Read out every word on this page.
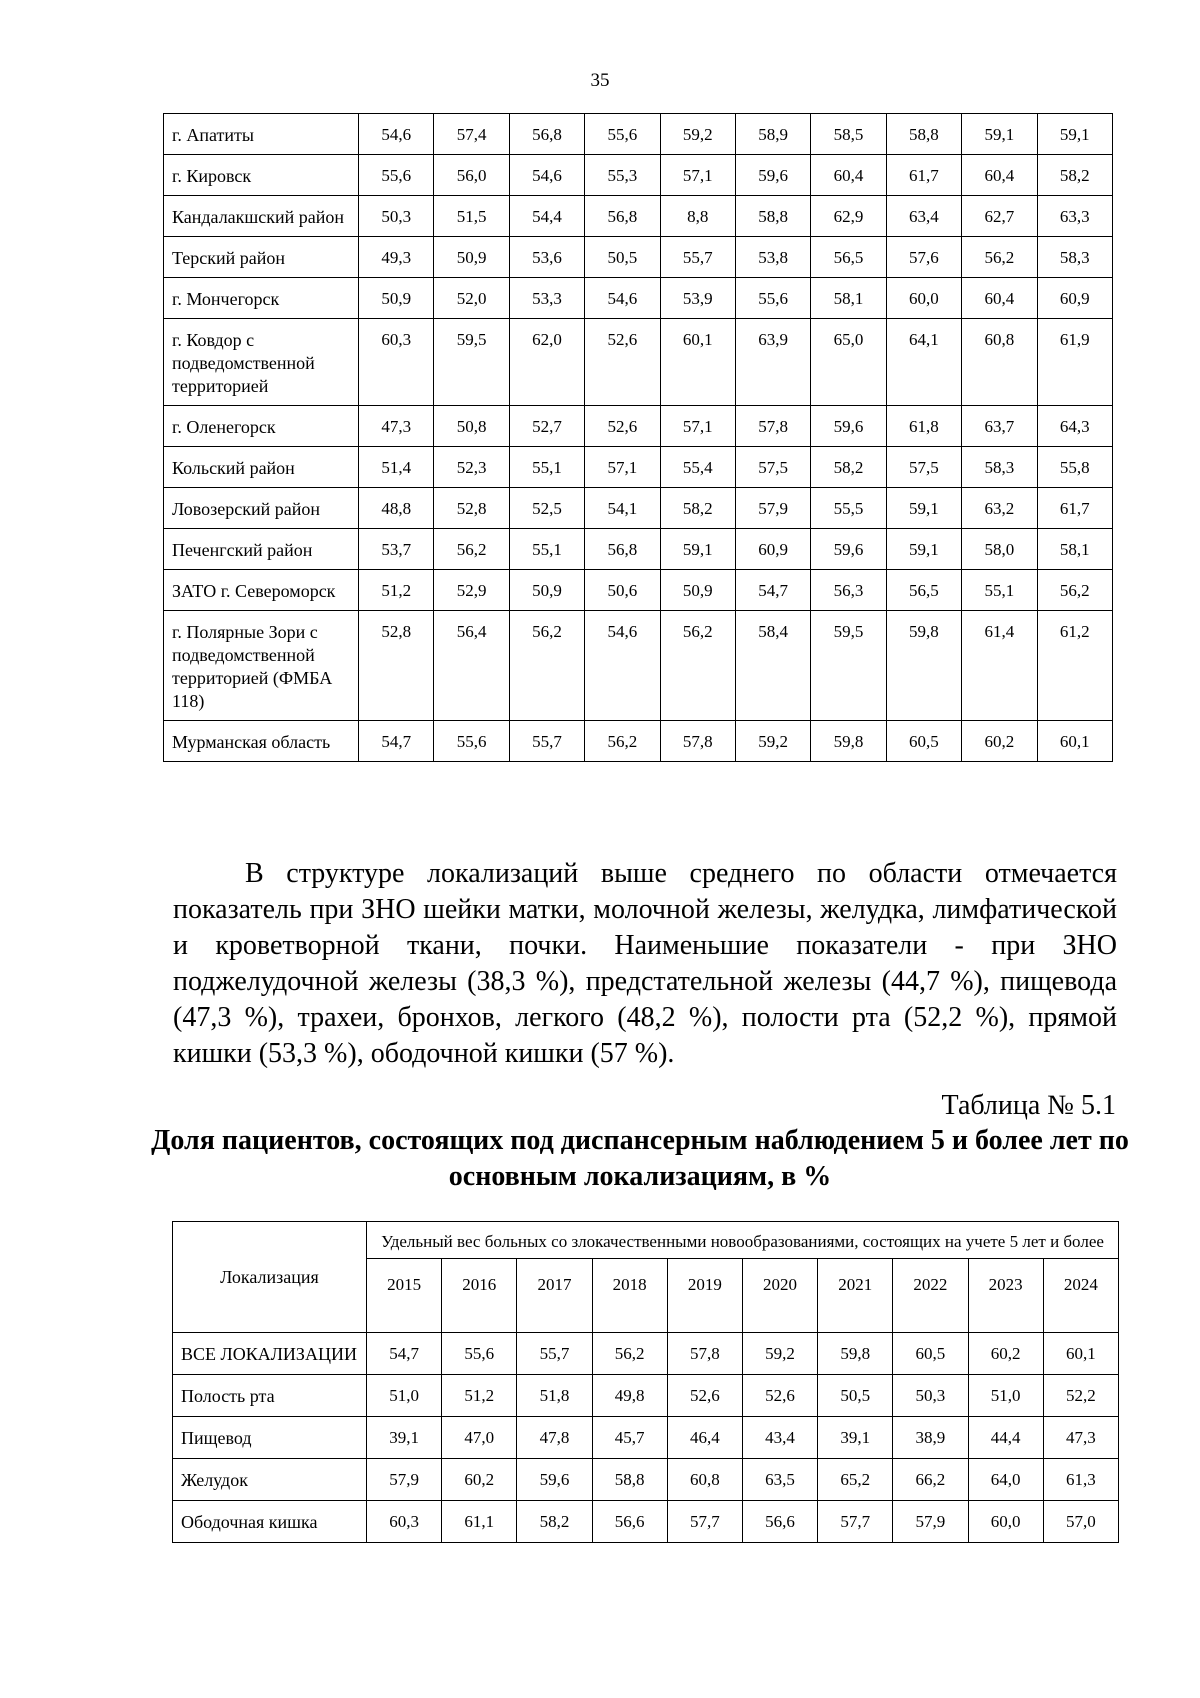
35
г. Апатиты	54,6	57,4	56,8	55,6	59,2	58,9	58,5	58,8	59,1	59,1
г. Кировск	55,6	56,0	54,6	55,3	57,1	59,6	60,4	61,7	60,4	58,2
Кандалакшский район	50,3	51,5	54,4	56,8	8,8	58,8	62,9	63,4	62,7	63,3
Терский район	49,3	50,9	53,6	50,5	55,7	53,8	56,5	57,6	56,2	58,3
г. Мончегорск	50,9	52,0	53,3	54,6	53,9	55,6	58,1	60,0	60,4	60,9
г. Ковдор с подведомственной территорией	60,3	59,5	62,0	52,6	60,1	63,9	65,0	64,1	60,8	61,9
г. Оленегорск	47,3	50,8	52,7	52,6	57,1	57,8	59,6	61,8	63,7	64,3
Кольский район	51,4	52,3	55,1	57,1	55,4	57,5	58,2	57,5	58,3	55,8
Ловозерский район	48,8	52,8	52,5	54,1	58,2	57,9	55,5	59,1	63,2	61,7
Печенгский район	53,7	56,2	55,1	56,8	59,1	60,9	59,6	59,1	58,0	58,1
ЗАТО г. Североморск	51,2	52,9	50,9	50,6	50,9	54,7	56,3	56,5	55,1	56,2
г. Полярные Зори с подведомственной территорией (ФМБА 118)	52,8	56,4	56,2	54,6	56,2	58,4	59,5	59,8	61,4	61,2
Мурманская область	54,7	55,6	55,7	56,2	57,8	59,2	59,8	60,5	60,2	60,1
В структуре локализаций выше среднего по области отмечается показатель при ЗНО шейки матки, молочной железы, желудка, лимфатической и кроветворной ткани, почки. Наименьшие показатели - при ЗНО поджелудочной железы (38,3 %), предстательной железы (44,7 %), пищевода (47,3 %), трахеи, бронхов, легкого (48,2 %), полости рта (52,2 %), прямой кишки (53,3 %), ободочной кишки (57 %).
Таблица № 5.1
Доля пациентов, состоящих под диспансерным наблюдением 5 и более лет по основным локализациям, в %
Локализация	Удельный вес больных со злокачественными новообразованиями, состоящих на учете 5 лет и более									
	2015	2016	2017	2018	2019	2020	2021	2022	2023	2024
ВСЕ ЛОКАЛИЗАЦИИ	54,7	55,6	55,7	56,2	57,8	59,2	59,8	60,5	60,2	60,1
Полость рта	51,0	51,2	51,8	49,8	52,6	52,6	50,5	50,3	51,0	52,2
Пищевод	39,1	47,0	47,8	45,7	46,4	43,4	39,1	38,9	44,4	47,3
Желудок	57,9	60,2	59,6	58,8	60,8	63,5	65,2	66,2	64,0	61,3
Ободочная кишка	60,3	61,1	58,2	56,6	57,7	56,6	57,7	57,9	60,0	57,0
